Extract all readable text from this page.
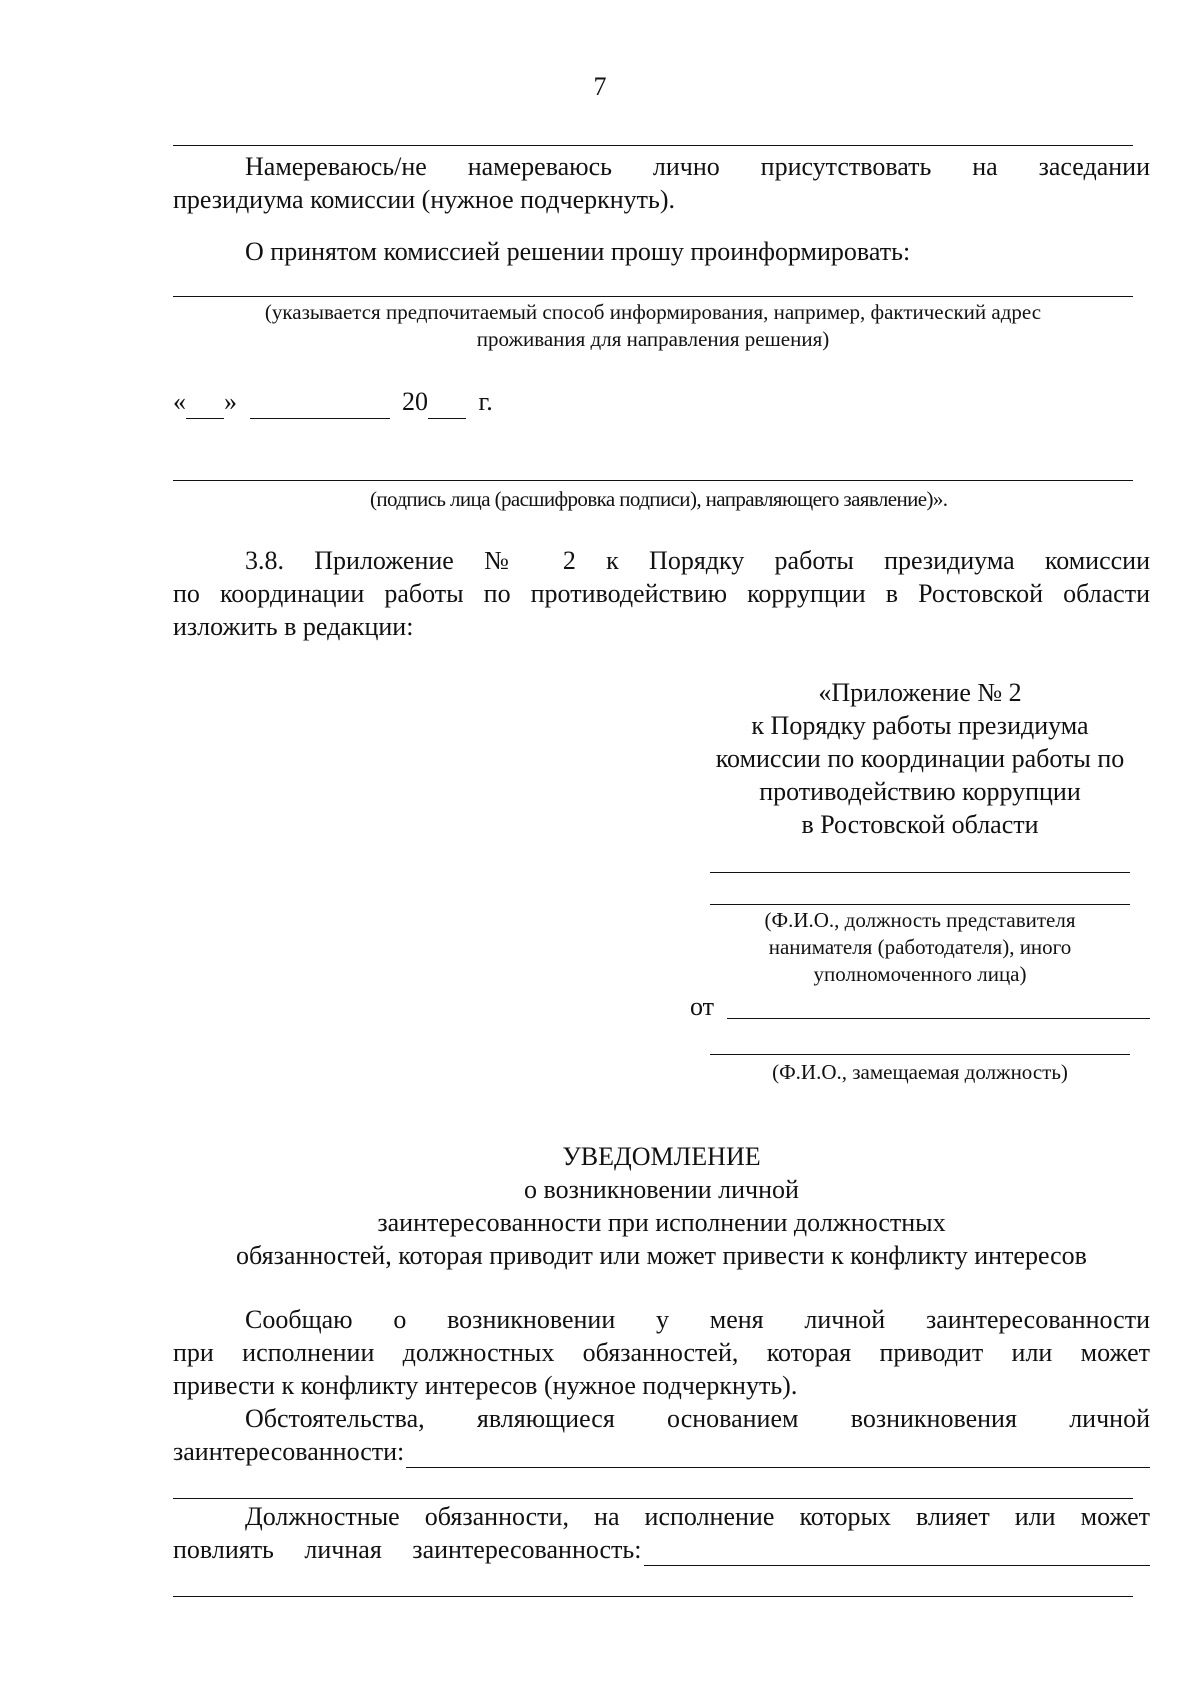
7
Намереваюсь/не намереваюсь лично присутствовать на заседании
президиума комиссии (нужное подчеркнуть).
О принятом комиссией решении прошу проинформировать:
(указывается предпочитаемый способ информирования, например, фактический адрес
проживания для направления решения)
« »	20 г.
(подпись лица (расшифровка подписи), направляющего заявление)».
3.8. Приложение № 2 к Порядку работы президиума комиссии
по координации работы по противодействию коррупции в Ростовской области
изложить в редакции:
«Приложение № 2
к Порядку работы президиума
комиссии по координации работы по
противодействию коррупции
в Ростовской области
(Ф.И.О., должность представителя
нанимателя (работодателя), иного
уполномоченного лица)
от
(Ф.И.О., замещаемая должность)
УВЕДОМЛЕНИЕ
о возникновении личной
заинтересованности при исполнении должностных
обязанностей, которая приводит или может привести к конфликту интересов
Сообщаю о возникновении у меня личной заинтересованности
при исполнении должностных обязанностей, которая приводит или может
привести к конфликту интересов (нужное подчеркнуть).
Обстоятельства, являющиеся основанием возникновения личной
заинтересованности:
Должностные обязанности, на исполнение которых влияет или может
повлиять личная заинтересованность:
